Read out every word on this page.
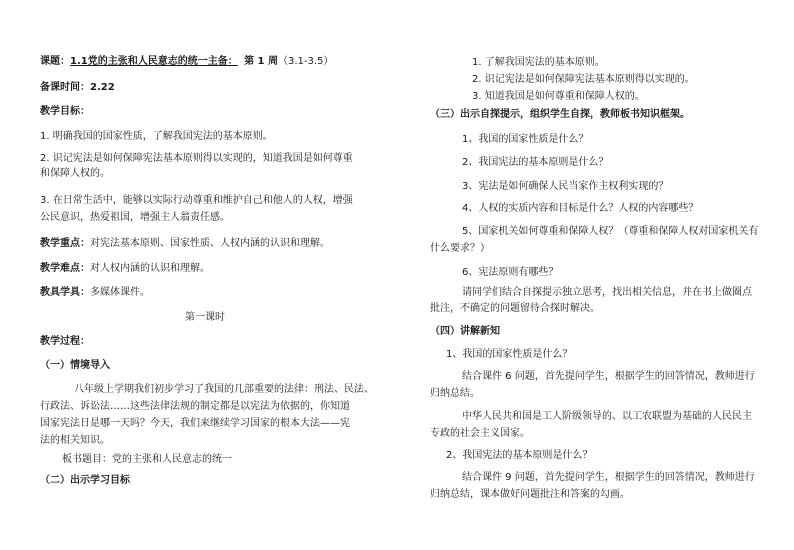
课题：1.1党的主张和人民意志的统一主备： 第 1 周（3.1-3.5）
备课时间：2.22
教学目标：
1. 明确我国的国家性质，了解我国宪法的基本原则。
2. 识记宪法是如何保障宪法基本原则得以实现的，知道我国是如何尊重
和保障人权的。
3. 在日常生活中，能够以实际行动尊重和维护自己和他人的人权，增强
公民意识，热爱祖国，增强主人翁责任感。
教学重点：对宪法基本原则、国家性质、人权内涵的认识和理解。
教学难点：对人权内涵的认识和理解。
教具学具：多媒体课件。
第一课时
教学过程：
（一）情境导入
八年级上学期我们初步学习了我国的几部重要的法律：刑法、民法、
行政法、诉讼法……这些法律法规的制定都是以宪法为依据的，你知道
国家宪法日是哪一天吗？今天，我们来继续学习国家的根本大法——宪
法的相关知识。
板书题目：党的主张和人民意志的统一
（二）出示学习目标
1. 了解我国宪法的基本原则。
2. 识记宪法是如何保障宪法基本原则得以实现的。
3. 知道我国是如何尊重和保障人权的。
（三）出示自探提示，组织学生自探，教师板书知识框架。
1、我国的国家性质是什么？
2、我国宪法的基本原则是什么？
3、宪法是如何确保人民当家作主权利实现的？
4、人权的实质内容和目标是什么？人权的内容哪些？
5、国家机关如何尊重和保障人权？（尊重和保障人权对国家机关有
什么要求？）
6、宪法原则有哪些？
请同学们结合自探提示独立思考，找出相关信息，并在书上做圈点
批注，不确定的问题留待合探时解决。
（四）讲解新知
1、我国的国家性质是什么？
结合课件 6 问题，首先提问学生，根据学生的回答情况，教师进行
归纳总结。
中华人民共和国是工人阶级领导的、以工农联盟为基础的人民民主
专政的社会主义国家。
2、我国宪法的基本原则是什么？
结合课件 9 问题，首先提问学生，根据学生的回答情况，教师进行
归纳总结，课本做好问题批注和答案的勾画。
